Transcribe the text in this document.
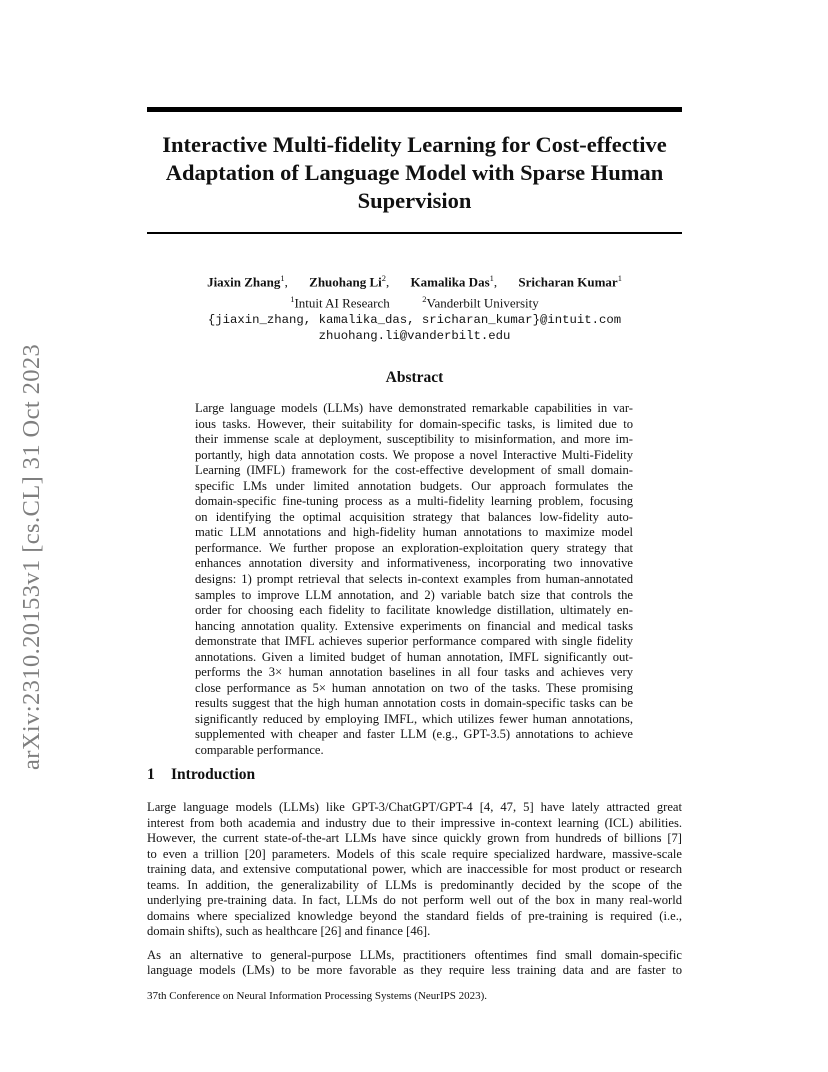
arXiv:2310.20153v1 [cs.CL] 31 Oct 2023
Interactive Multi-fidelity Learning for Cost-effective
Adaptation of Language Model with Sparse Human
Supervision
Jiaxin Zhang$^1$, Zhuohang Li$^2$, Kamalika Das$^1$, Sricharan Kumar$^1$
$^1$Intuit AI Research	$^2$Vanderbilt University
{jiaxin_zhang, kamalika_das, sricharan_kumar}@intuit.com
zhuohang.li@vanderbilt.edu
Abstract
Large language models (LLMs) have demonstrated remarkable capabilities in var-
ious tasks. However, their suitability for domain-specific tasks, is limited due to
their immense scale at deployment, susceptibility to misinformation, and more im-
portantly, high data annotation costs. We propose a novel Interactive Multi-Fidelity
Learning (IMFL) framework for the cost-effective development of small domain-
specific LMs under limited annotation budgets. Our approach formulates the
domain-specific fine-tuning process as a multi-fidelity learning problem, focusing
on identifying the optimal acquisition strategy that balances low-fidelity auto-
matic LLM annotations and high-fidelity human annotations to maximize model
performance. We further propose an exploration-exploitation query strategy that
enhances annotation diversity and informativeness, incorporating two innovative
designs: 1) prompt retrieval that selects in-context examples from human-annotated
samples to improve LLM annotation, and 2) variable batch size that controls the
order for choosing each fidelity to facilitate knowledge distillation, ultimately en-
hancing annotation quality. Extensive experiments on financial and medical tasks
demonstrate that IMFL achieves superior performance compared with single fidelity
annotations. Given a limited budget of human annotation, IMFL significantly out-
performs the 3× human annotation baselines in all four tasks and achieves very
close performance as 5× human annotation on two of the tasks. These promising
results suggest that the high human annotation costs in domain-specific tasks can be
significantly reduced by employing IMFL, which utilizes fewer human annotations,
supplemented with cheaper and faster LLM (e.g., GPT-3.5) annotations to achieve
comparable performance.
1 Introduction
Large language models (LLMs) like GPT-3/ChatGPT/GPT-4 [4, 47, 5] have lately attracted great
interest from both academia and industry due to their impressive in-context learning (ICL) abilities.
However, the current state-of-the-art LLMs have since quickly grown from hundreds of billions [7]
to even a trillion [20] parameters. Models of this scale require specialized hardware, massive-scale
training data, and extensive computational power, which are inaccessible for most product or research
teams. In addition, the generalizability of LLMs is predominantly decided by the scope of the
underlying pre-training data. In fact, LLMs do not perform well out of the box in many real-world
domains where specialized knowledge beyond the standard fields of pre-training is required (i.e.,
domain shifts), such as healthcare [26] and finance [46].
As an alternative to general-purpose LLMs, practitioners oftentimes find small domain-specific
language models (LMs) to be more favorable as they require less training data and are faster to
37th Conference on Neural Information Processing Systems (NeurIPS 2023).
